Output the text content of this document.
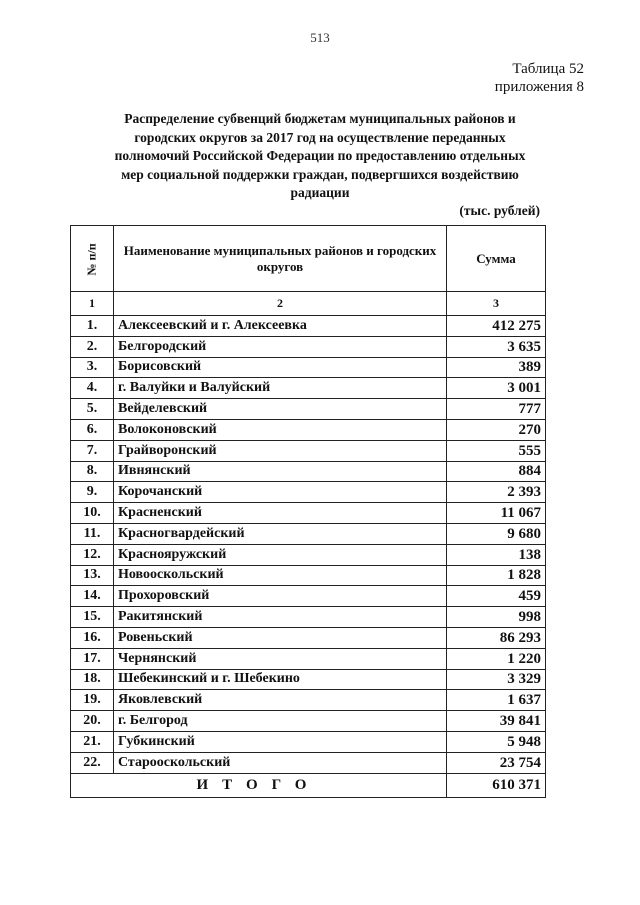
513
Таблица 52
приложения 8
Распределение субвенций бюджетам муниципальных районов и
городских округов за 2017 год на осуществление переданных
полномочий Российской Федерации по предоставлению отдельных
мер социальной поддержки граждан, подвергшихся воздействию
радиации
(тыс. рублей)
№ п/п	Наименование муниципальных районов и городских округов	Сумма
1	2	3
1.	Алексеевский и г. Алексеевка	412 275
2.	Белгородский	3 635
3.	Борисовский	389
4.	г. Валуйки и Валуйский	3 001
5.	Вейделевский	777
6.	Волоконовский	270
7.	Грайворонский	555
8.	Ивнянский	884
9.	Корочанский	2 393
10.	Красненский	11 067
11.	Красногвардейский	9 680
12.	Краснояружский	138
13.	Новооскольский	1 828
14.	Прохоровский	459
15.	Ракитянский	998
16.	Ровеньский	86 293
17.	Чернянский	1 220
18.	Шебекинский и г. Шебекино	3 329
19.	Яковлевский	1 637
20.	г. Белгород	39 841
21.	Губкинский	5 948
22.	Старооскольский	23 754
ИТОГО		610 371
